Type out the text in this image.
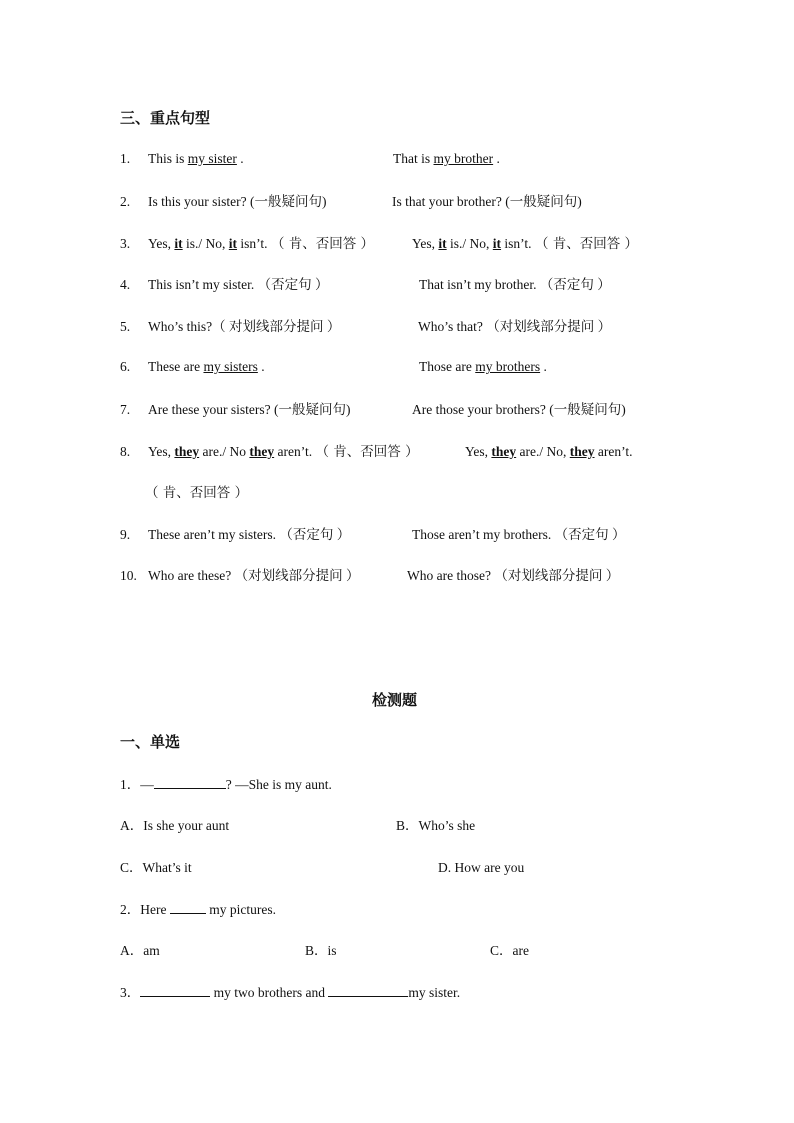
三、重点句型
1. This is my sister .	That is my brother .
2. Is this your sister? (一般疑问句)	Is that your brother? (一般疑问句)
3. Yes, it is./ No, it isn’t. （ 肯、否回答 ）	Yes, it is./ No, it isn’t. （ 肯、否回答 ）
4. This isn’t my sister. （否定句 ）	That isn’t my brother. （否定句 ）
5. Who’s this?（ 对划线部分提问 ）	Who’s that? （对划线部分提问 ）
6. These are my sisters .	Those are my brothers .
7. Are these your sisters? (一般疑问句)	Are those your brothers? (一般疑问句)
8. Yes, they are./ No they aren’t. （ 肯、否回答 ）	Yes, they are./ No, they aren’t.
（ 肯、否回答 ）
9. These aren’t my sisters. （否定句 ）	Those aren’t my brothers. （否定句 ）
10. Who are these? （对划线部分提问 ）	Who are those? （对划线部分提问 ）
检测题
一、单选
1．—	? —She is my aunt.
A．Is she your aunt	B．Who’s she
C．What’s it	D. How are you
2．Here	my pictures.
A．am	B．is	C．are
3．	my two brothers and	my sister.
